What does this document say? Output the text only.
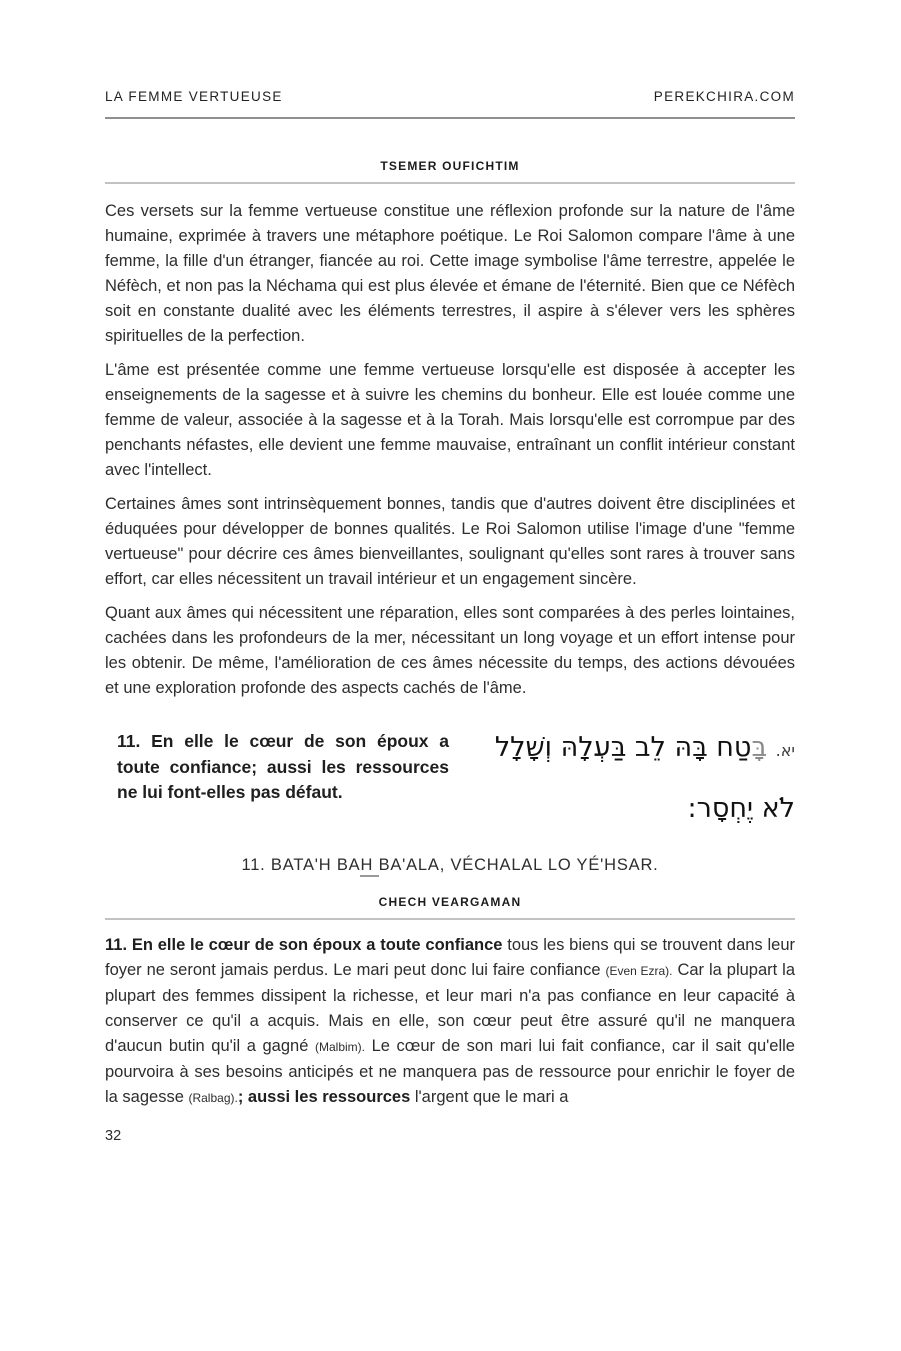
LA FEMME VERTUEUSE	PEREKCHIRA.COM
TSEMER OUFICHTIM

Ces versets sur la femme vertueuse constitue une réflexion profonde sur la nature de l'âme humaine, exprimée à travers une métaphore poétique. Le Roi Salomon compare l'âme à une femme, la fille d'un étranger, fiancée au roi. Cette image symbolise l'âme terrestre, appelée le Néfèch, et non pas la Néchama qui est plus élevée et émane de l'éternité. Bien que ce Néfèch soit en constante dualité avec les éléments terrestres, il aspire à s'élever vers les sphères spirituelles de la perfection.

L'âme est présentée comme une femme vertueuse lorsqu'elle est disposée à accepter les enseignements de la sagesse et à suivre les chemins du bonheur. Elle est louée comme une femme de valeur, associée à la sagesse et à la Torah. Mais lorsqu'elle est corrompue par des penchants néfastes, elle devient une femme mauvaise, entraînant un conflit intérieur constant avec l'intellect.

Certaines âmes sont intrinsèquement bonnes, tandis que d'autres doivent être disciplinées et éduquées pour développer de bonnes qualités. Le Roi Salomon utilise l'image d'une "femme vertueuse" pour décrire ces âmes bienveillantes, soulignant qu'elles sont rares à trouver sans effort, car elles nécessitent un travail intérieur et un engagement sincère.

Quant aux âmes qui nécessitent une réparation, elles sont comparées à des perles lointaines, cachées dans les profondeurs de la mer, nécessitant un long voyage et un effort intense pour les obtenir. De même, l'amélioration de ces âmes nécessite du temps, des actions dévouées et une exploration profonde des aspects cachés de l'âme.

11. En elle le cœur de son époux a toute confiance; aussi les ressources ne lui font-elles pas défaut.
יא. בָּטַח בָּהּ לֵב בַּעְלָהּ וְשָׁלָל
לֹא יֶחְסָר:
11. BATA'H BAH BA'ALA, VÉCHALAL LO YÉ'HSAR.
CHECH VEARGAMAN

11. En elle le cœur de son époux a toute confiance tous les biens qui se trouvent dans leur foyer ne seront jamais perdus. Le mari peut donc lui faire confiance (Even Ezra). Car la plupart la plupart des femmes dissipent la richesse, et leur mari n'a pas confiance en leur capacité à conserver ce qu'il a acquis. Mais en elle, son cœur peut être assuré qu'il ne manquera d'aucun butin qu'il a gagné (Malbim). Le cœur de son mari lui fait confiance, car il sait qu'elle pourvoira à ses besoins anticipés et ne manquera pas de ressource pour enrichir le foyer de la sagesse (Ralbag).; aussi les ressources l'argent que le mari a

32
